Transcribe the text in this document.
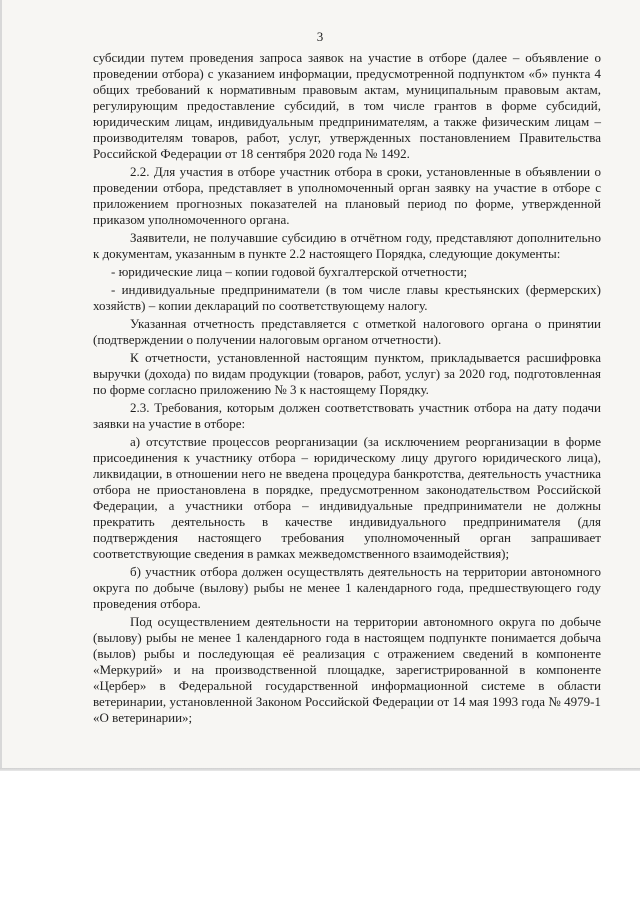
3

субсидии путем проведения запроса заявок на участие в отборе (далее – объявление о проведении отбора) с указанием информации, предусмотренной подпунктом «б» пункта 4 общих требований к нормативным правовым актам, муниципальным правовым актам, регулирующим предоставление субсидий, в том числе грантов в форме субсидий, юридическим лицам, индивидуальным предпринимателям, а также физическим лицам – производителям товаров, работ, услуг, утвержденных постановлением Правительства Российской Федерации от 18 сентября 2020 года № 1492.

2.2. Для участия в отборе участник отбора в сроки, установленные в объявлении о проведении отбора, представляет в уполномоченный орган заявку на участие в отборе с приложением прогнозных показателей на плановый период по форме, утвержденной приказом уполномоченного органа.

Заявители, не получавшие субсидию в отчётном году, представляют дополнительно к документам, указанным в пункте 2.2 настоящего Порядка, следующие документы:

- юридические лица – копии годовой бухгалтерской отчетности;

- индивидуальные предприниматели (в том числе главы крестьянских (фермерских) хозяйств) – копии деклараций по соответствующему налогу.

Указанная отчетность представляется с отметкой налогового органа о принятии (подтверждении о получении налоговым органом отчетности).

К отчетности, установленной настоящим пунктом, прикладывается расшифровка выручки (дохода) по видам продукции (товаров, работ, услуг) за 2020 год, подготовленная по форме согласно приложению № 3 к настоящему Порядку.

2.3. Требования, которым должен соответствовать участник отбора на дату подачи заявки на участие в отборе:

а) отсутствие процессов реорганизации (за исключением реорганизации в форме присоединения к участнику отбора – юридическому лицу другого юридического лица), ликвидации, в отношении него не введена процедура банкротства, деятельность участника отбора не приостановлена в порядке, предусмотренном законодательством Российской Федерации, а участники отбора – индивидуальные предприниматели не должны прекратить деятельность в качестве индивидуального предпринимателя (для подтверждения настоящего требования уполномоченный орган запрашивает соответствующие сведения в рамках межведомственного взаимодействия);

б) участник отбора должен осуществлять деятельность на территории автономного округа по добыче (вылову) рыбы не менее 1 календарного года, предшествующего году проведения отбора.

Под осуществлением деятельности на территории автономного округа по добыче (вылову) рыбы не менее 1 календарного года в настоящем подпункте понимается добыча (вылов) рыбы и последующая её реализация с отражением сведений в компоненте «Меркурий» и на производственной площадке, зарегистрированной в компоненте «Цербер» в Федеральной государственной информационной системе в области ветеринарии, установленной Законом Российской Федерации от 14 мая 1993 года № 4979-1 «О ветеринарии»;
